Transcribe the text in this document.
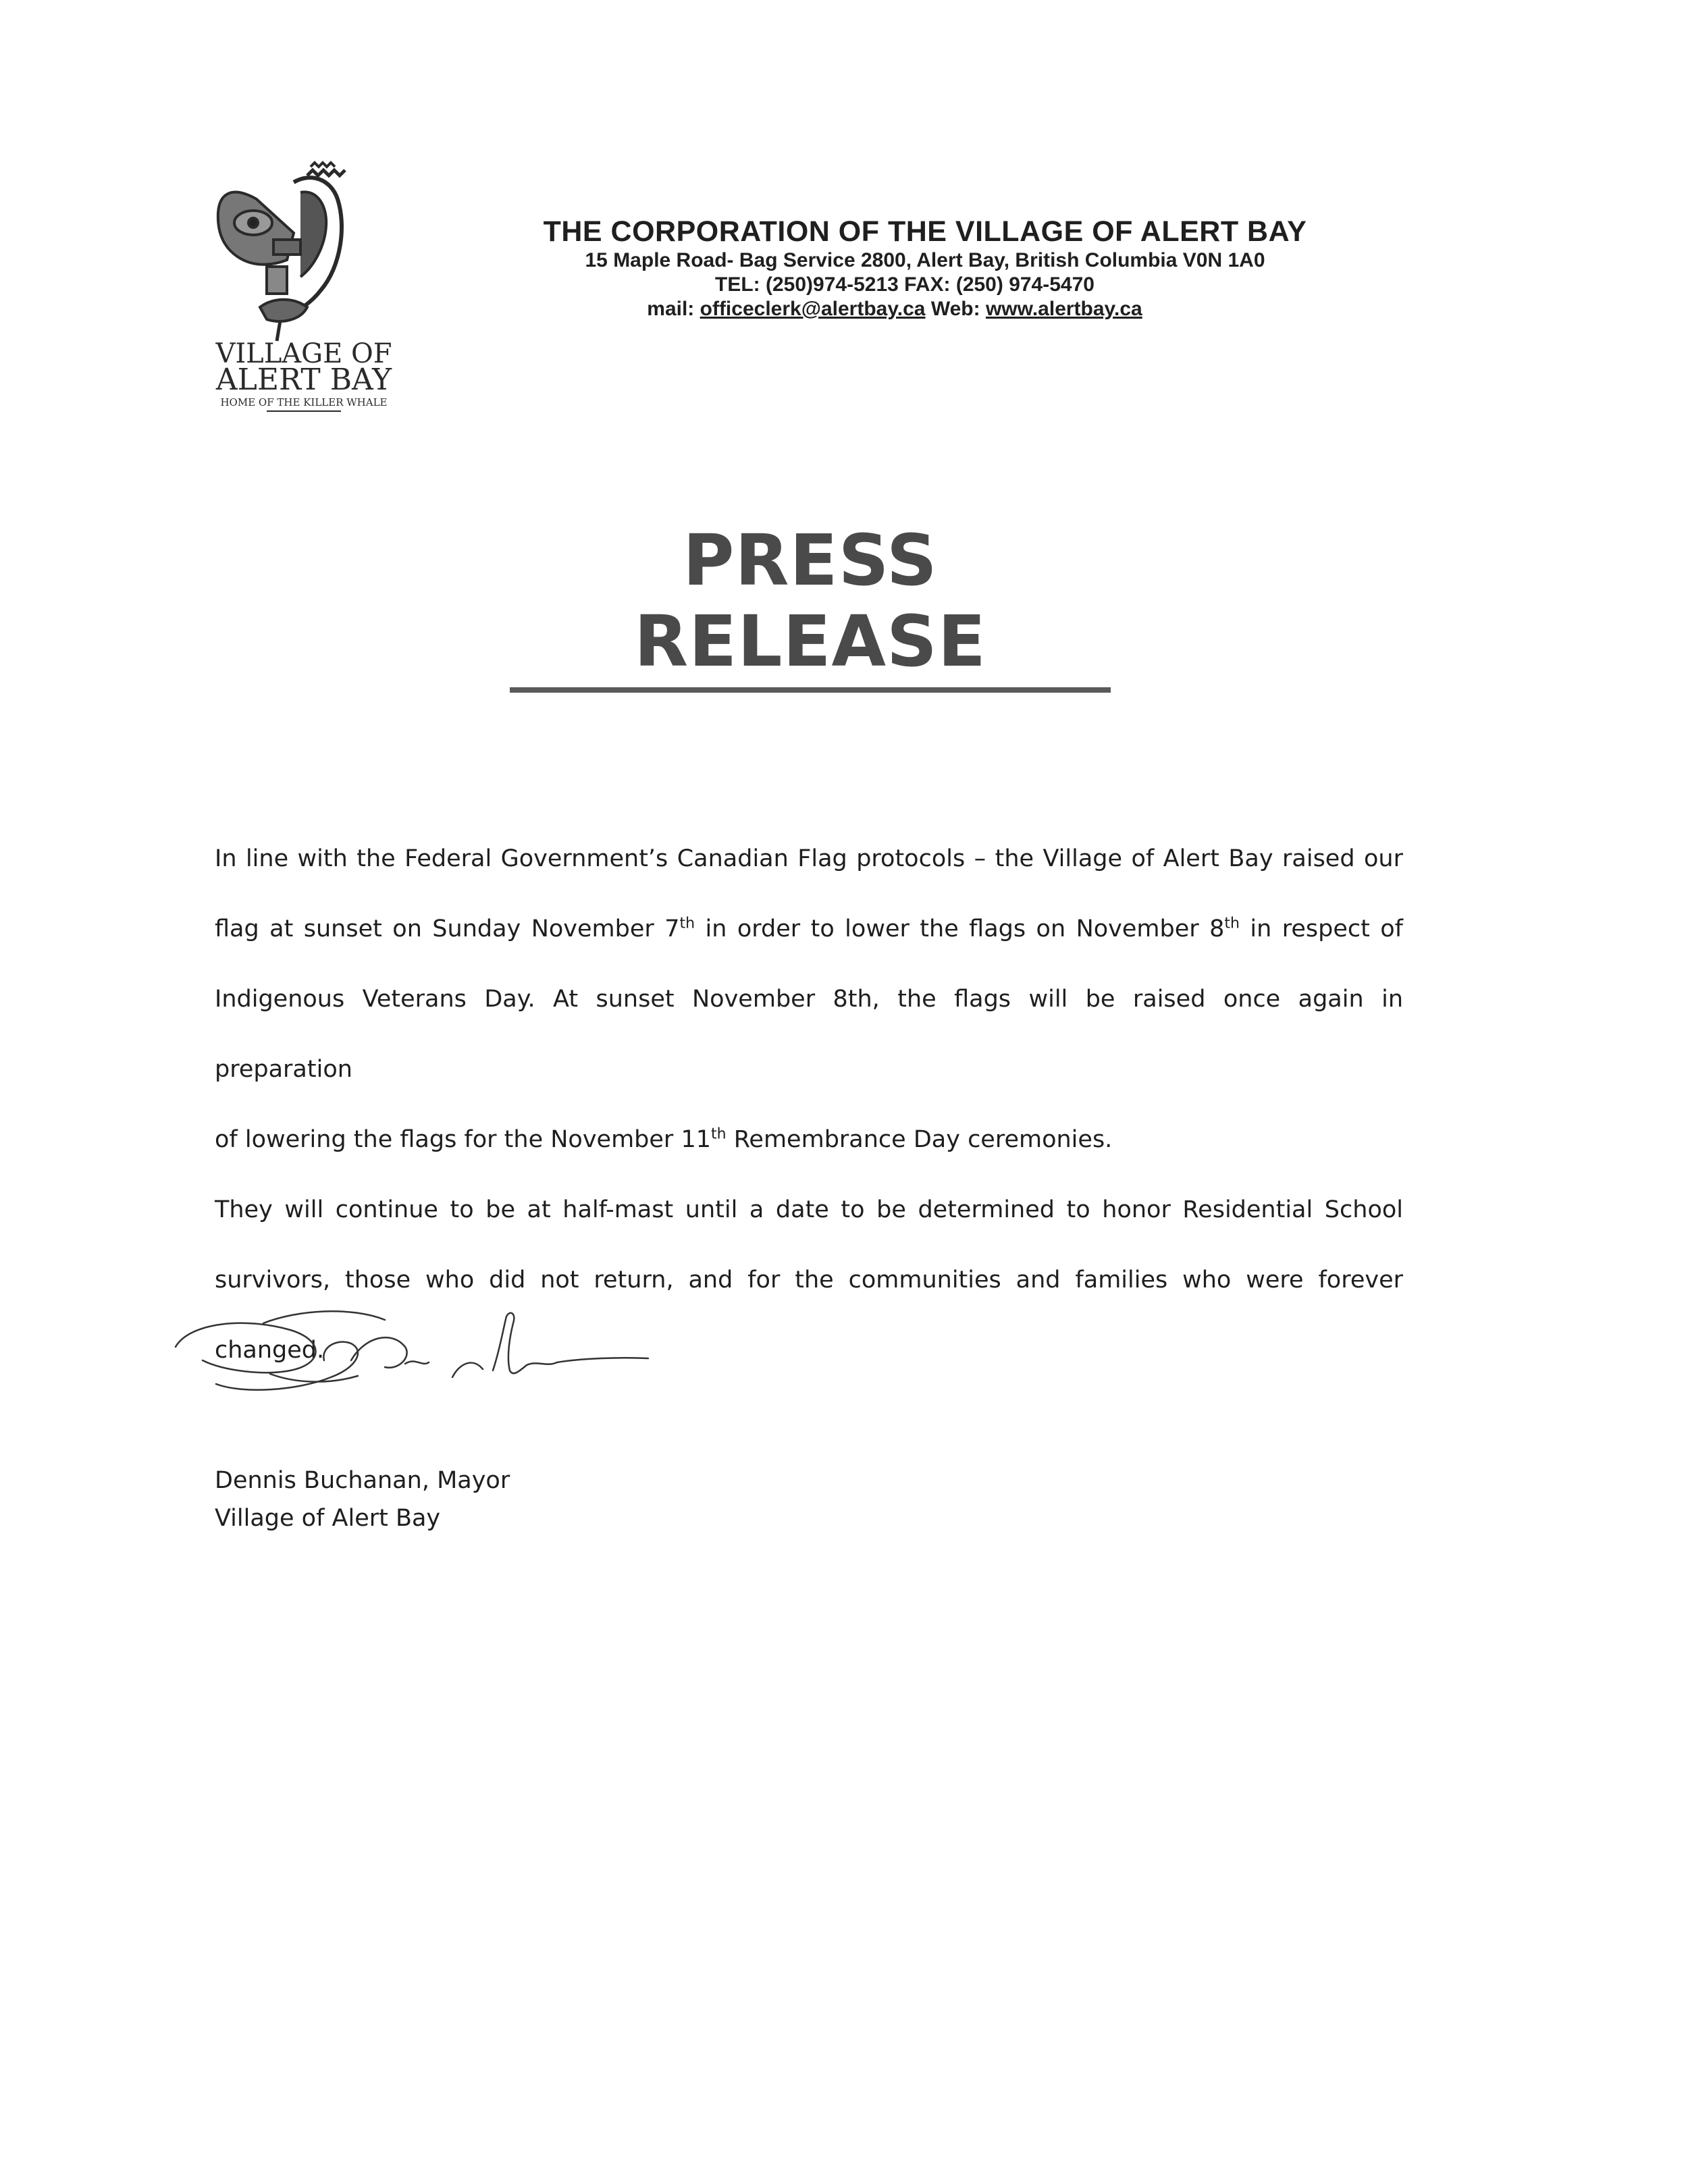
VILLAGE OF
ALERT BAY
HOME OF THE KILLER WHALE
THE CORPORATION OF THE VILLAGE OF ALERT BAY
15 Maple Road- Bag Service 2800, Alert Bay, British Columbia V0N 1A0
TEL: (250)974-5213 FAX: (250) 974-5470
mail: officeclerk@alertbay.ca Web: www.alertbay.ca
PRESS RELEASE

In line with the Federal Government’s Canadian Flag protocols – the Village of Alert Bay raised our

flag at sunset on Sunday November 7th in order to lower the flags on November 8th in respect of

Indigenous Veterans Day. At sunset November 8th, the flags will be raised once again in preparation

of lowering the flags for the November 11th Remembrance Day ceremonies.

They will continue to be at half-mast until a date to be determined to honor Residential School

survivors, those who did not return, and for the communities and families who were forever changed.

Dennis Buchanan, Mayor
Village of Alert Bay
